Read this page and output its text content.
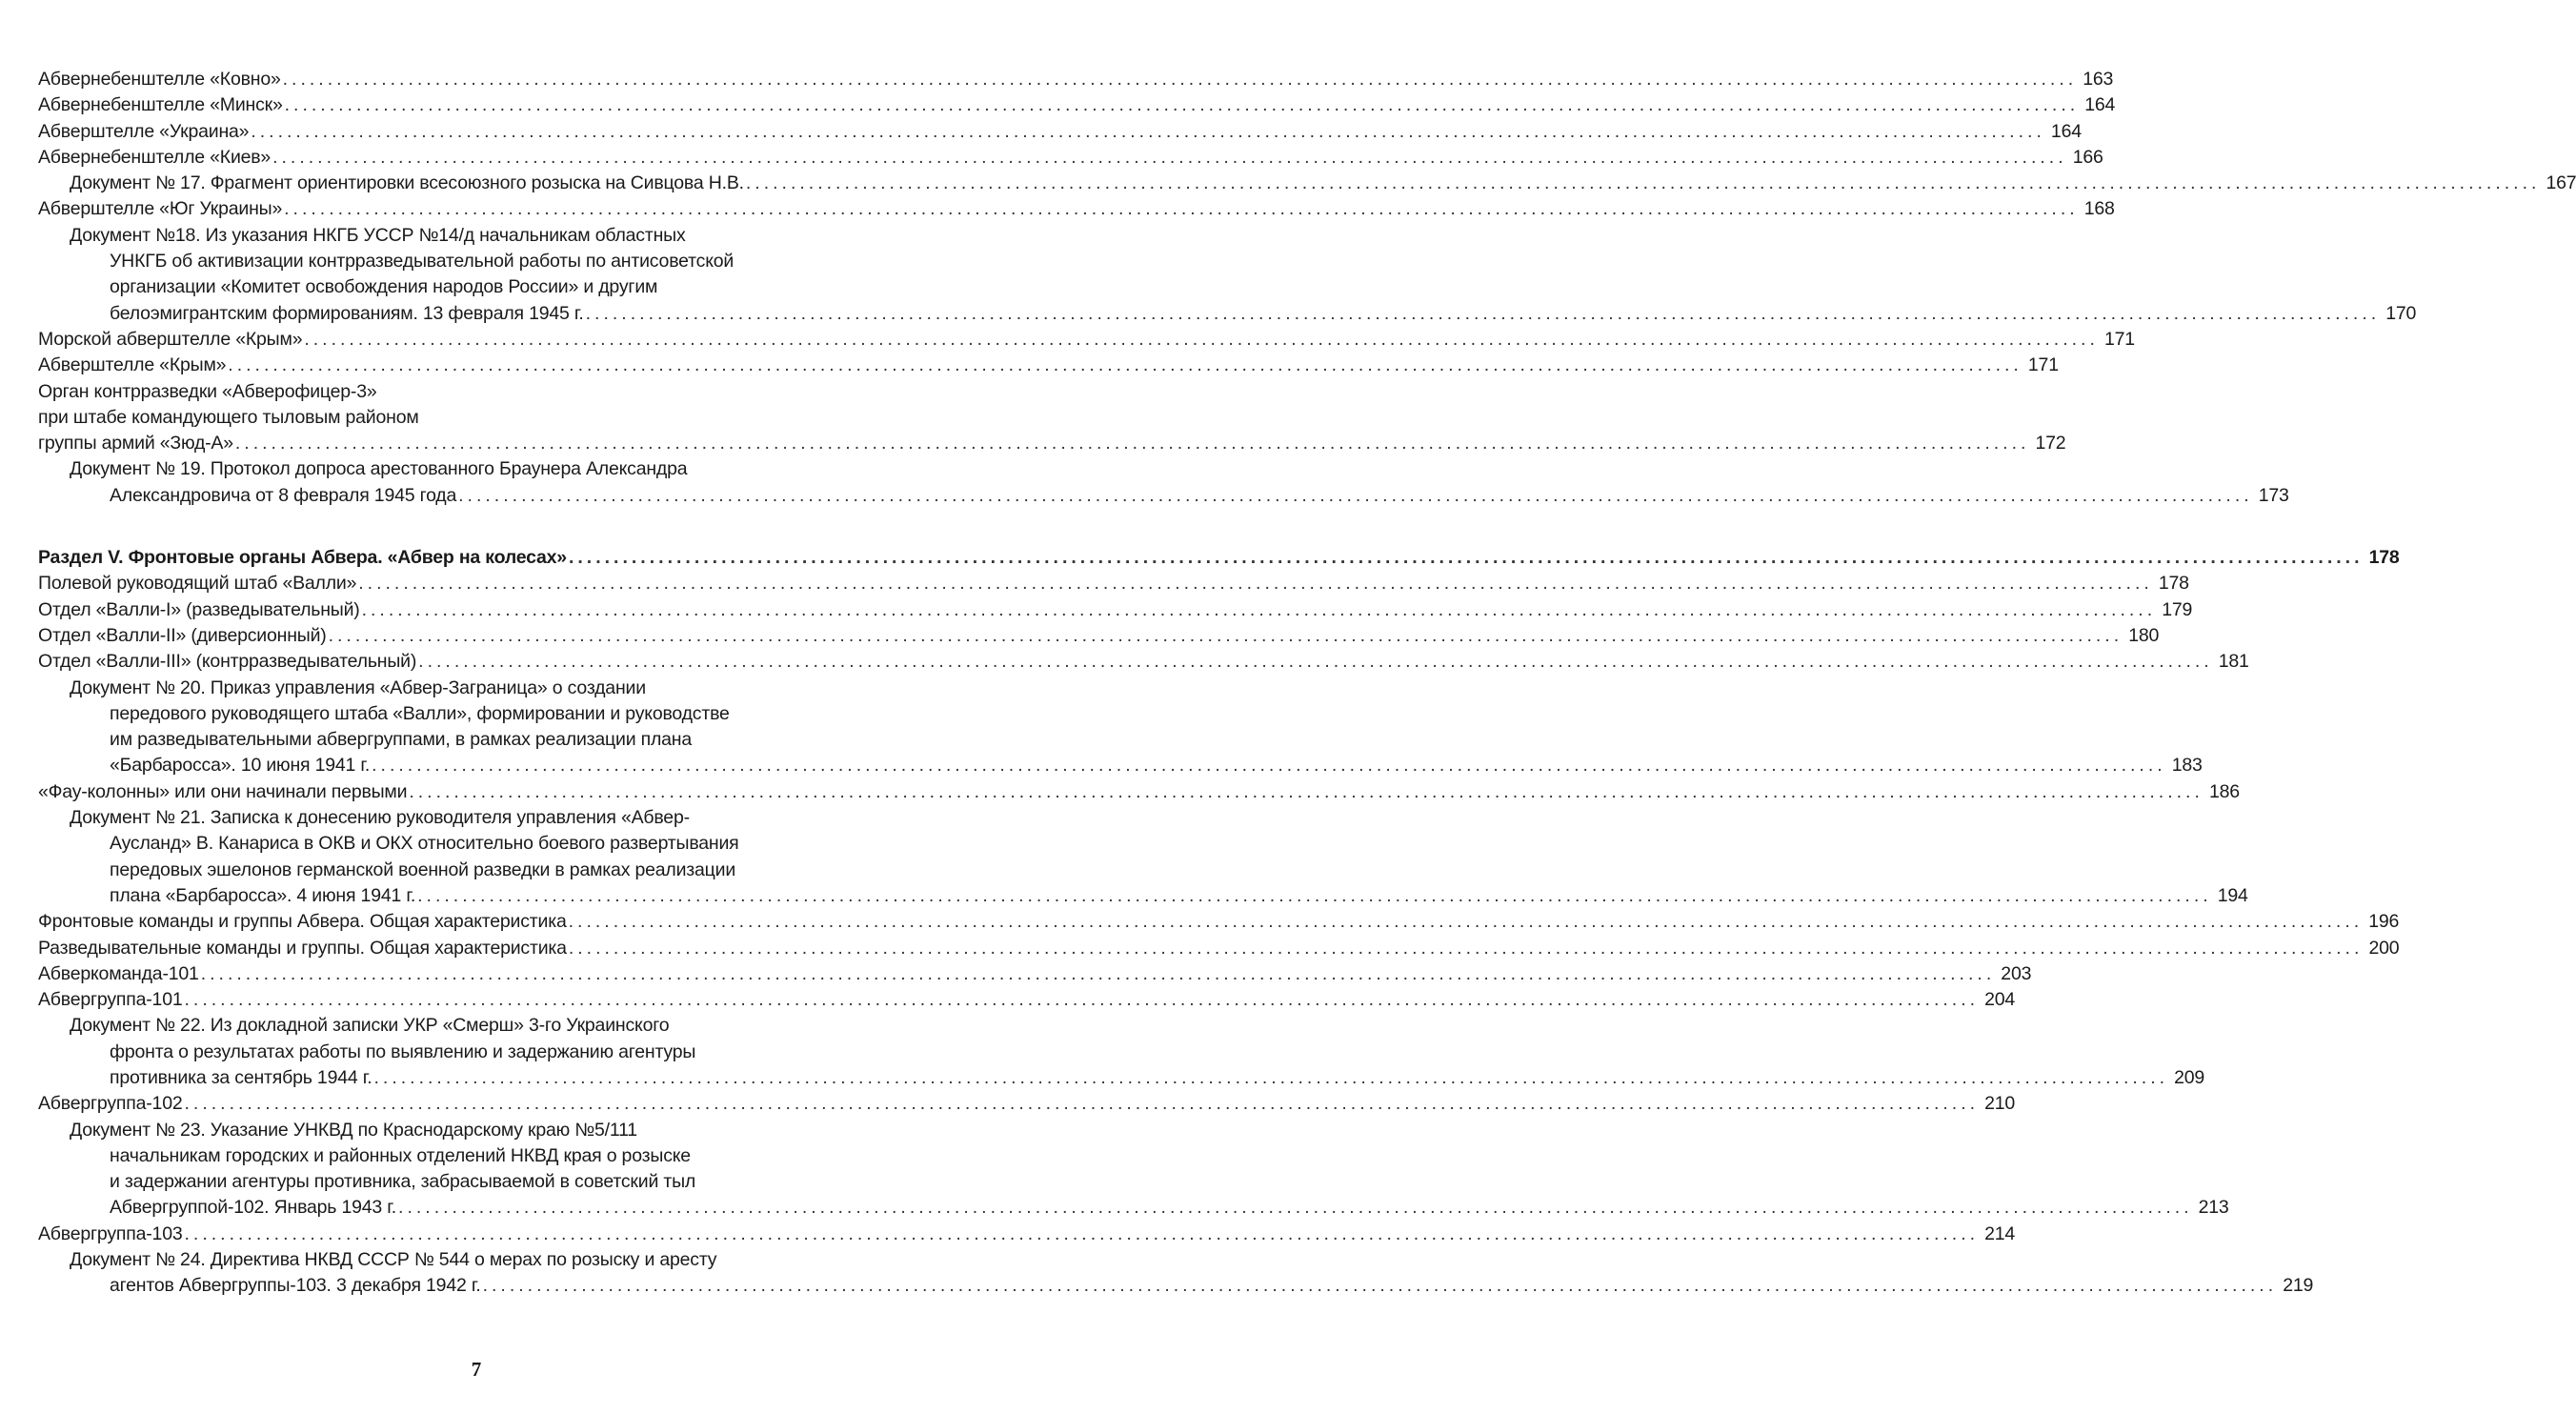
Абвернебенштелле «Ковно» ........................................................................................................................................................................................................ 163
Абвернебенштелле «Минск» ........................................................................................................................................................................................................ 164
Абверштелле «Украина» ........................................................................................................................................................................................................ 164
Абвернебенштелле «Киев» ........................................................................................................................................................................................................ 166
Документ № 17. Фрагмент ориентировки всесоюзного розыска на Сивцова Н.В. ........................................................................................................................................................................................................ 167
Абверштелле «Юг Украины» ........................................................................................................................................................................................................ 168
Документ №18. Из указания НКГБ УССР №14/д начальникам областных
УНКГБ об активизации контрразведывательной работы по антисоветской
организации «Комитет освобождения народов России» и другим
белоэмигрантским формированиям. 13 февраля 1945 г. ........................................................................................................................................................................................................ 170
Морской абверштелле «Крым» ........................................................................................................................................................................................................ 171
Абверштелле «Крым» ........................................................................................................................................................................................................ 171
Орган контрразведки «Абверофицер-3»
при штабе командующего тыловым районом
группы армий «Зюд-А» ........................................................................................................................................................................................................ 172
Документ № 19. Протокол допроса арестованного Браунера Александра
Александровича от 8 февраля 1945 года ........................................................................................................................................................................................................ 173
Раздел V. Фронтовые органы Абвера. «Абвер на колесах» ........................................................................................................................................................................................................ 178
Полевой руководящий штаб «Валли» ........................................................................................................................................................................................................ 178
Отдел «Валли-I» (разведывательный) ........................................................................................................................................................................................................ 179
Отдел «Валли-II» (диверсионный) ........................................................................................................................................................................................................ 180
Отдел «Валли-III» (контрразведывательный) ........................................................................................................................................................................................................ 181
Документ № 20. Приказ управления «Абвер-Заграница» о создании
передового руководящего штаба «Валли», формировании и руководстве
им разведывательными абвергруппами, в рамках реализации плана
«Барбаросса». 10 июня 1941 г. ........................................................................................................................................................................................................ 183
«Фау-колонны» или они начинали первыми ........................................................................................................................................................................................................ 186
Документ № 21. Записка к донесению руководителя управления «Абвер-
Аусланд» В. Канариса в ОКВ и ОКХ относительно боевого развертывания
передовых эшелонов германской военной разведки в рамках реализации
плана «Барбаросса». 4 июня 1941 г. ........................................................................................................................................................................................................ 194
Фронтовые команды и группы Абвера. Общая характеристика ........................................................................................................................................................................................................ 196
Разведывательные команды и группы. Общая характеристика ........................................................................................................................................................................................................ 200
Абверкоманда-101 ........................................................................................................................................................................................................ 203
Абвергруппа-101 ........................................................................................................................................................................................................ 204
Документ № 22. Из докладной записки УКР «Смерш» 3-го Украинского
фронта о результатах работы по выявлению и задержанию агентуры
противника за сентябрь 1944 г. ........................................................................................................................................................................................................ 209
Абвергруппа-102 ........................................................................................................................................................................................................ 210
Документ № 23. Указание УНКВД по Краснодарскому краю №5/111
начальникам городских и районных отделений НКВД края о розыске
и задержании агентуры противника, забрасываемой в советский тыл
Абвергруппой-102. Январь 1943 г. ........................................................................................................................................................................................................ 213
Абвергруппа-103 ........................................................................................................................................................................................................ 214
Документ № 24. Директива НКВД СССР № 544 о мерах по розыску и аресту
агентов Абвергруппы-103. 3 декабря 1942 г. ........................................................................................................................................................................................................ 219
7
